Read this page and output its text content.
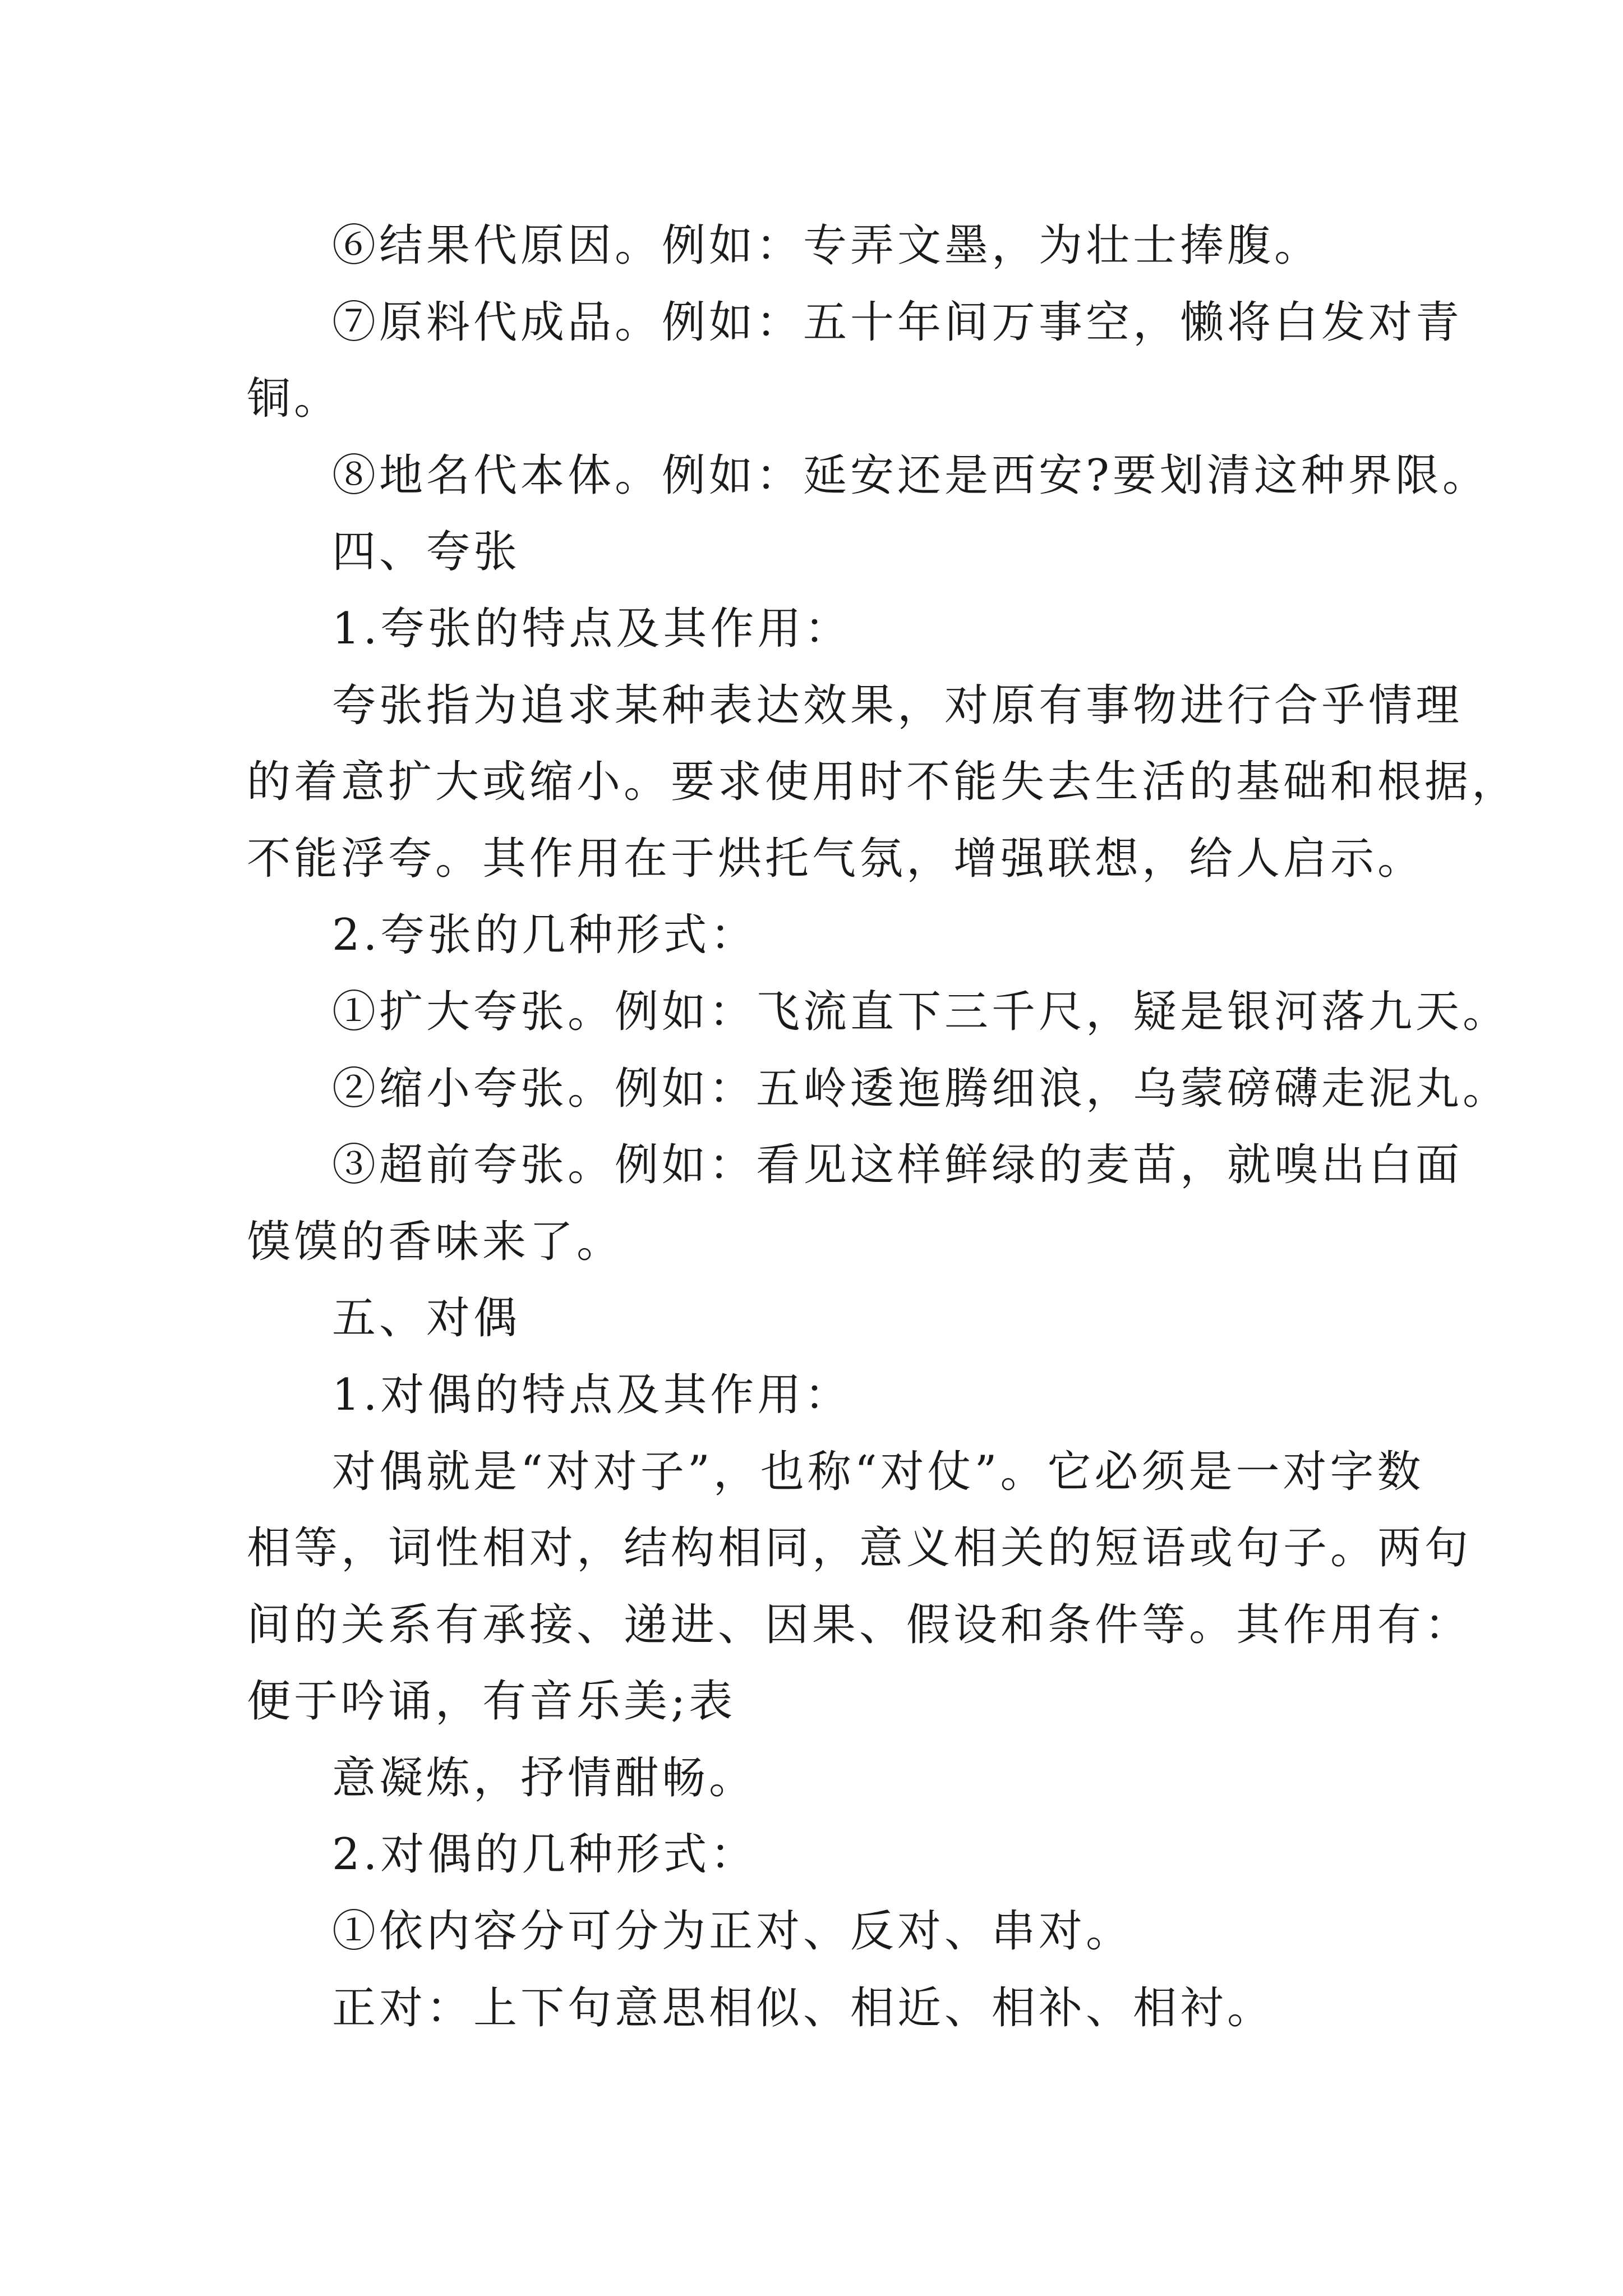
⑥结果代原因。例如：专弄文墨，为壮士捧腹。
⑦原料代成品。例如：五十年间万事空，懒将白发对青
铜。
⑧地名代本体。例如：延安还是西安?要划清这种界限。
四、夸张
1.夸张的特点及其作用：
夸张指为追求某种表达效果，对原有事物进行合乎情理
的着意扩大或缩小。要求使用时不能失去生活的基础和根据，
不能浮夸。其作用在于烘托气氛，增强联想，给人启示。
2.夸张的几种形式：
①扩大夸张。例如：飞流直下三千尺，疑是银河落九天。
②缩小夸张。例如：五岭逶迤腾细浪，乌蒙磅礴走泥丸。
③超前夸张。例如：看见这样鲜绿的麦苗，就嗅出白面
馍馍的香味来了。
五、对偶
1.对偶的特点及其作用：
对偶就是“对对子”，也称“对仗”。它必须是一对字数
相等，词性相对，结构相同，意义相关的短语或句子。两句
间的关系有承接、递进、因果、假设和条件等。其作用有：
便于吟诵，有音乐美;表
意凝炼，抒情酣畅。
2.对偶的几种形式：
①依内容分可分为正对、反对、串对。
正对：上下句意思相似、相近、相补、相衬。
